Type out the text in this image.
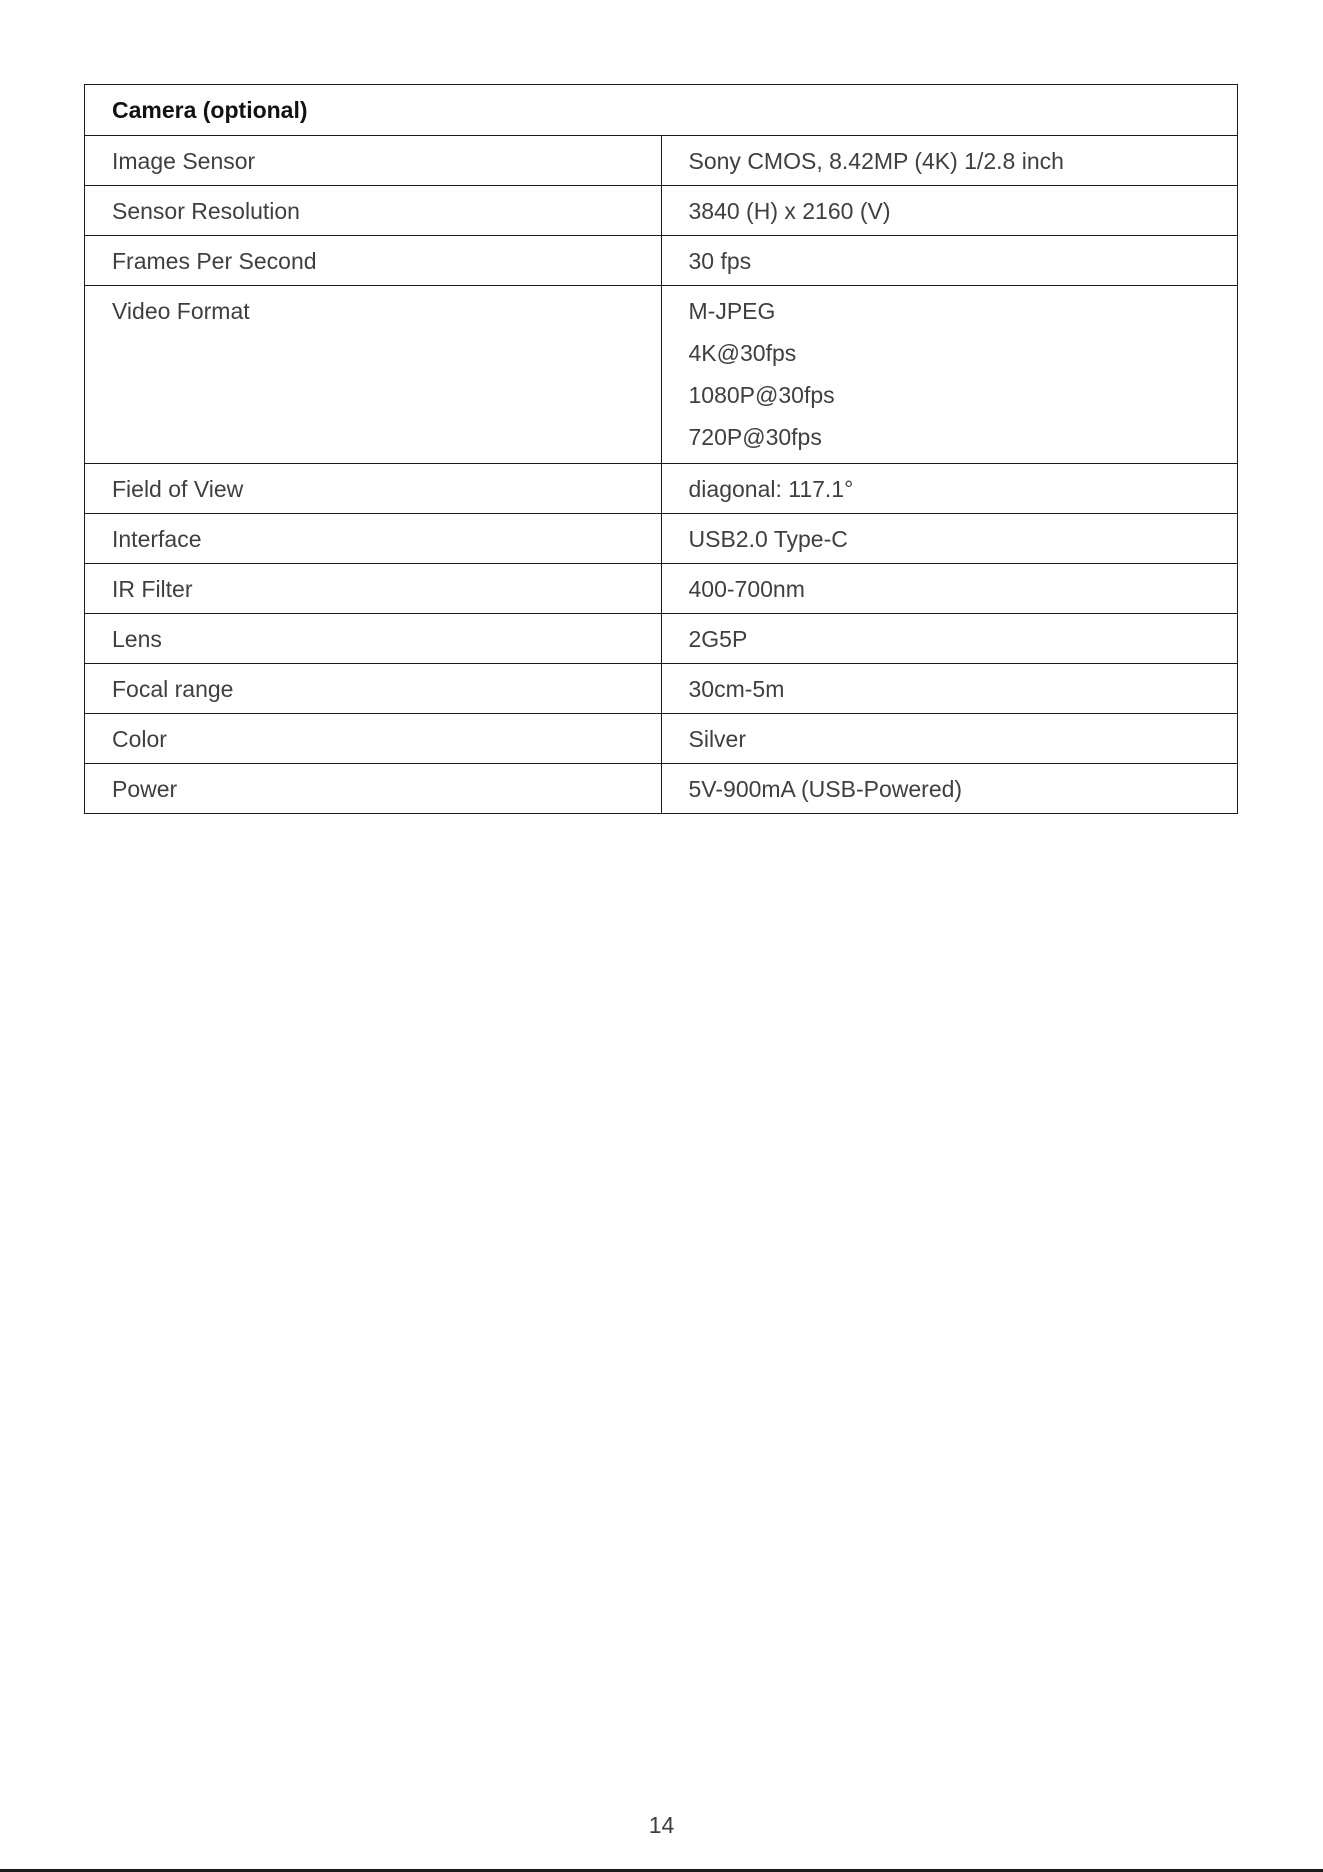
Camera (optional)	
Image Sensor	Sony CMOS, 8.42MP (4K) 1/2.8 inch
Sensor Resolution	3840 (H) x 2160 (V)
Frames Per Second	30 fps
Video Format	M-JPEG
4K@30fps
1080P@30fps
720P@30fps

Field of View	diagonal: 117.1°
Interface	USB2.0 Type-C
IR Filter	400-700nm
Lens	2G5P
Focal range	30cm-5m
Color	Silver
Power	5V-900mA (USB-Powered)
14
